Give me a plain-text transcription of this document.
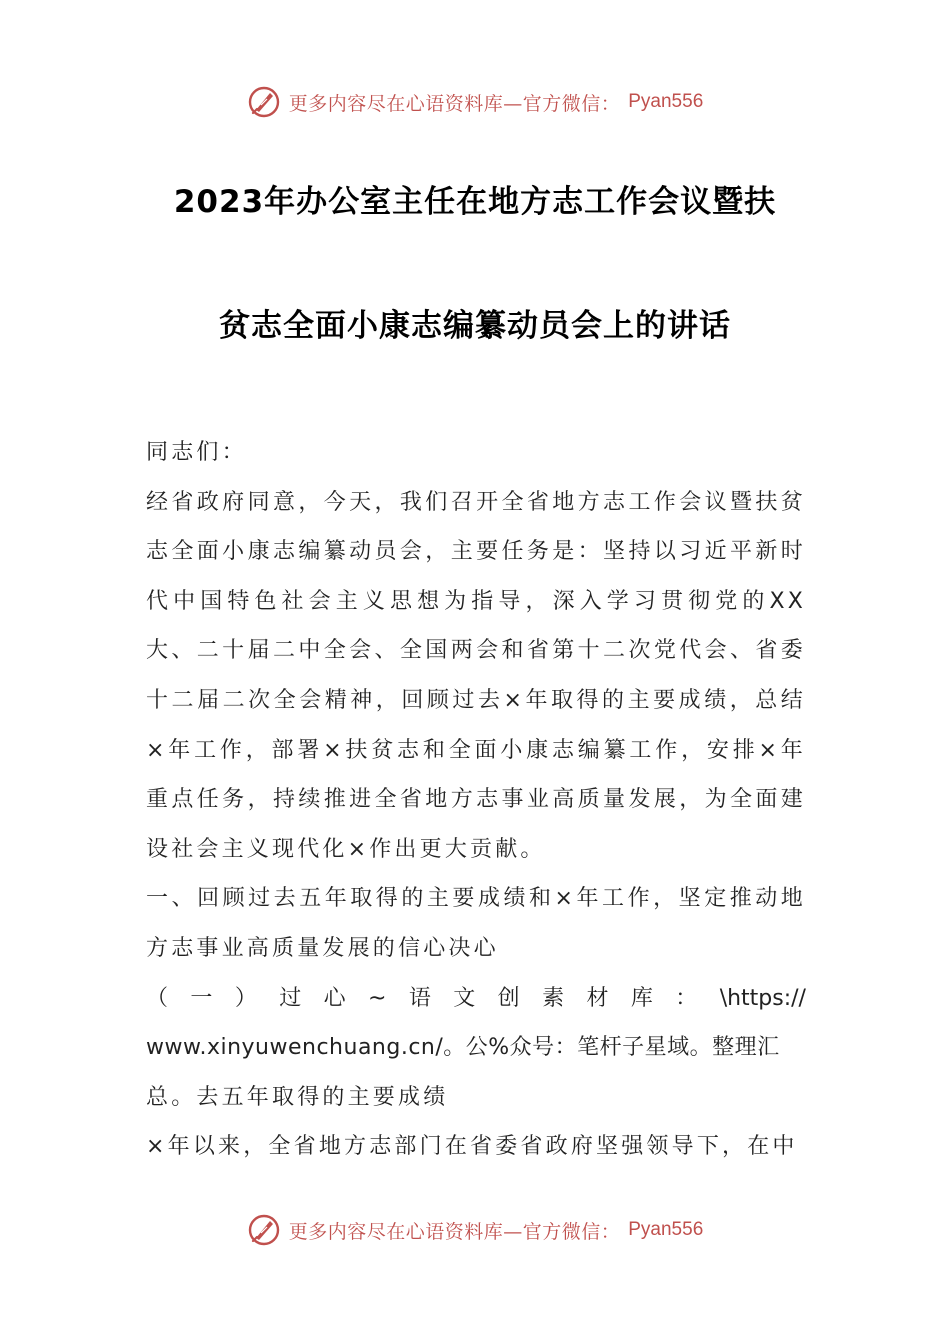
更多内容尽在心语资料库—官方微信： Pyan556
2023年办公室主任在地方志工作会议暨扶
贫志全面小康志编纂动员会上的讲话

同志们：

经省政府同意，今天，我们召开全省地方志工作会议暨扶贫志全面小康志编纂动员会，主要任务是：坚持以习近平新时代中国特色社会主义思想为指导，深入学习贯彻党的XX大、二十届二中全会、全国两会和省第十二次党代会、省委十二届二次全会精神，回顾过去×年取得的主要成绩，总结×年工作，部署×扶贫志和全面小康志编纂工作，安排×年重点任务，持续推进全省地方志事业高质量发展，为全面建设社会主义现代化×作出更大贡献。

一、回顾过去五年取得的主要成绩和×年工作，坚定推动地方志事业高质量发展的信心决心

（ 一 ） 过 心 ~ 语 文 创 素 材 库 ： \https://

www.xinyuwenchuang.cn/。公%众号：笔杆子星域。整理汇

总。去五年取得的主要成绩

×年以来，全省地方志部门在省委省政府坚强领导下，在中

更多内容尽在心语资料库—官方微信： Pyan556
